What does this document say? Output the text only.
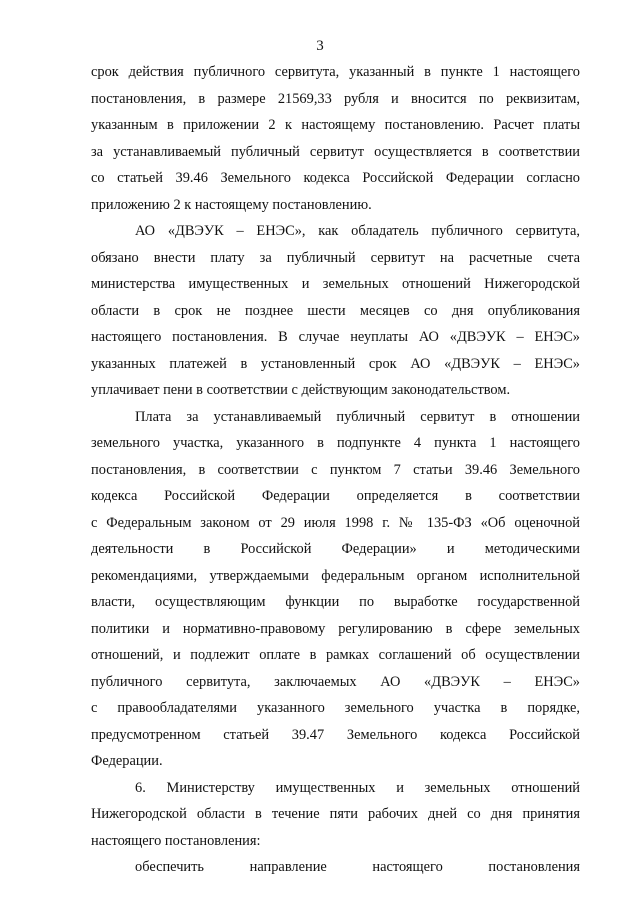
3

срок действия публичного сервитута, указанный в пункте 1 настоящего
постановления, в размере 21569,33 рубля и вносится по реквизитам,
указанным в приложении 2 к настоящему постановлению. Расчет платы
за устанавливаемый публичный сервитут осуществляется в соответствии
со статьей 39.46 Земельного кодекса Российской Федерации согласно
приложению 2 к настоящему постановлению.

АО «ДВЭУК – ЕНЭС», как обладатель публичного сервитута,
обязано внести плату за публичный сервитут на расчетные счета
министерства имущественных и земельных отношений Нижегородской
области в срок не позднее шести месяцев со дня опубликования
настоящего постановления. В случае неуплаты АО «ДВЭУК – ЕНЭС»
указанных платежей в установленный срок АО «ДВЭУК – ЕНЭС»
уплачивает пени в соответствии с действующим законодательством.

Плата за устанавливаемый публичный сервитут в отношении
земельного участка, указанного в подпункте 4 пункта 1 настоящего
постановления, в соответствии с пунктом 7 статьи 39.46 Земельного
кодекса Российской Федерации определяется в соответствии
с Федеральным законом от 29 июля 1998 г. № 135-ФЗ «Об оценочной
деятельности в Российской Федерации» и методическими
рекомендациями, утверждаемыми федеральным органом исполнительной
власти, осуществляющим функции по выработке государственной
политики и нормативно-правовому регулированию в сфере земельных
отношений, и подлежит оплате в рамках соглашений об осуществлении
публичного сервитута, заключаемых АО «ДВЭУК – ЕНЭС»
с правообладателями указанного земельного участка в порядке,
предусмотренном статьей 39.47 Земельного кодекса Российской
Федерации.

6. Министерству имущественных и земельных отношений
Нижегородской области в течение пяти рабочих дней со дня принятия
настоящего постановления:

обеспечить направление настоящего постановления
